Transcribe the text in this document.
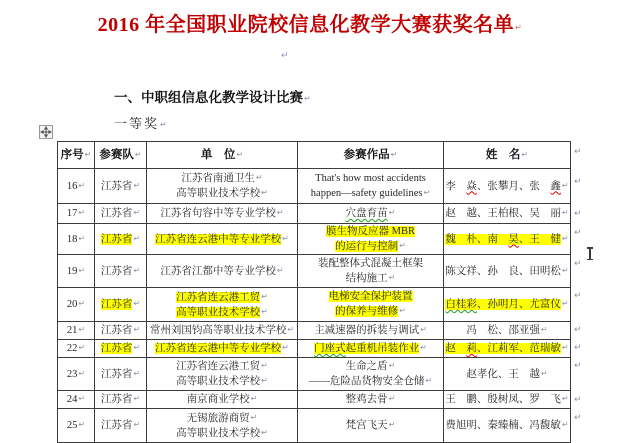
2016 年全国职业院校信息化教学大赛获奖名单 ↵
↵
一、中职组信息化教学设计比赛 ↵
一等奖 ↵
序号 ↵	参赛队 ↵	单　位 ↵	参赛作品 ↵	姓　名 ↵
16 ↵	江苏省 ↵	江苏省南通卫生 ↵
高等职业技术学校 ↵	That's how most accidents
happen—safety guidelines ↵	李　焱、张攀月、张　鑫 ↵
17 ↵	江苏省 ↵	江苏省句容中等专业学校 ↵	穴盘育苗 ↵	赵　越、王柏根、吴　丽 ↵
18 ↵	江苏省 ↵	江苏省连云港中等专业学校 ↵	膜生物反应器 MBR
的运行与控制 ↵	魏　朴、南　昊、王　健 ↵
19 ↵	江苏省 ↵	江苏省江都中等专业学校 ↵	装配整体式混凝土框架
结构施工 ↵	陈文祥、孙　良、田明松 ↵
20 ↵	江苏省 ↵	江苏省连云港工贸 ↵
高等职业技术学校 ↵	电梯安全保护装置
的保养与维修 ↵	白桂彩、孙明月、尤富仪 ↵
21 ↵	江苏省 ↵	常州刘国钧高等职业技术学校 ↵	主减速器的拆装与调试 ↵	冯　松、邵亚强 ↵
22 ↵	江苏省 ↵	江苏省连云港中等专业学校 ↵	门座式起重机吊装作业 ↵	赵　莉、江莉军、范瑞敏 ↵
23 ↵	江苏省 ↵	江苏省连云港工贸 ↵
高等职业技术学校 ↵	生命之盾 ↵
——危险品货物安全仓储 ↵	赵孝化、王　越 ↵
24 ↵	江苏省 ↵	南京商业学校 ↵	整鸡去骨 ↵	王　鹏、殷树凤、罗　飞 ↵
25 ↵	江苏省 ↵	无锡旅游商贸 ↵
高等职业技术学校 ↵	梵宫飞天 ↵	费旭明、秦臻楠、冯馥敏 ↵
↵
↵
↵
↵
↵
↵
↵
↵
↵
↵
↵
